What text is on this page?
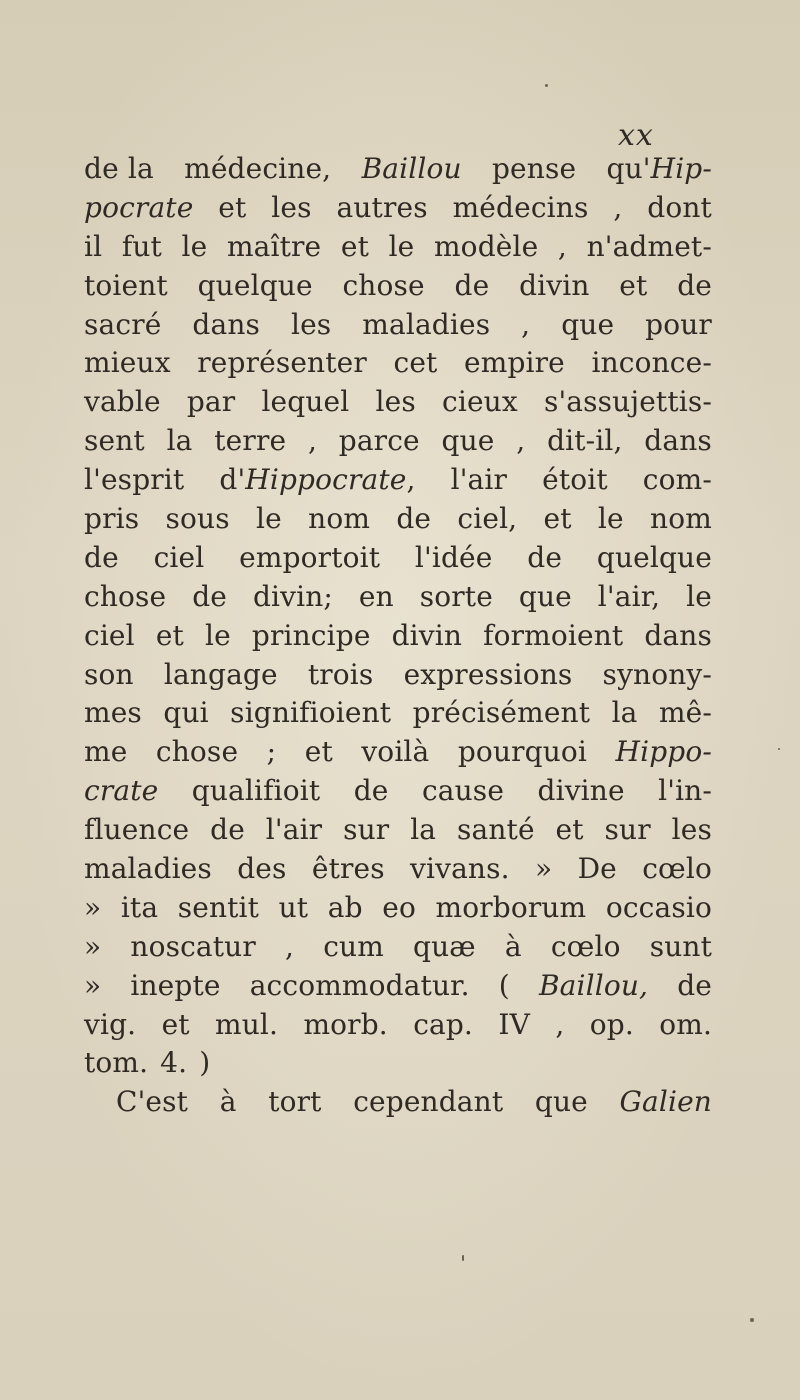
xx

de la médecine, Baillou pense qu'Hip-
pocrate et les autres médecins , dont
il fut le maître et le modèle , n'admet-
toient quelque chose de divin et de
sacré dans les maladies , que pour
mieux représenter cet empire inconce-
vable par lequel les cieux s'assujettis-
sent la terre , parce que , dit-il, dans
l'esprit d'Hippocrate, l'air étoit com-
pris sous le nom de ciel, et le nom
de ciel emportoit l'idée de quelque
chose de divin; en sorte que l'air, le
ciel et le principe divin formoient dans
son langage trois expressions synony-
mes qui signifioient précisément la mê-
me chose ; et voilà pourquoi Hippo-
crate qualifioit de cause divine l'in-
fluence de l'air sur la santé et sur les
maladies des êtres vivans. » De cœlo
» ita sentit ut ab eo morborum occasio
» noscatur , cum quæ à cœlo sunt
» inepte accommodatur. ( Baillou, de
vig. et mul. morb. cap. IV , op. om.
tom. 4. )
C'est à tort cependant que Galien
